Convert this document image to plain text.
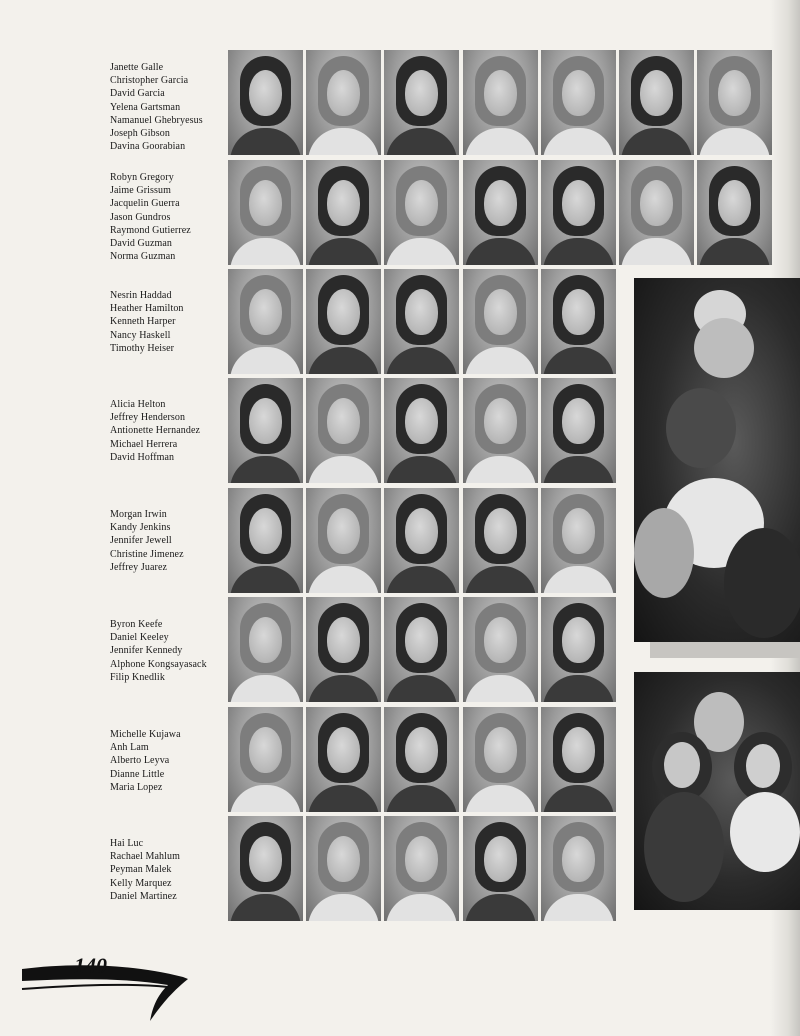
Janette Galle
Christopher Garcia
David Garcia
Yelena Gartsman
Namanuel Ghebryesus
Joseph Gibson
Davina Goorabian
Robyn Gregory
Jaime Grissum
Jacquelin Guerra
Jason Gundros
Raymond Gutierrez
David Guzman
Norma Guzman
Nesrin Haddad
Heather Hamilton
Kenneth Harper
Nancy Haskell
Timothy Heiser
Alicia Helton
Jeffrey Henderson
Antionette Hernandez
Michael Herrera
David Hoffman
Morgan Irwin
Kandy Jenkins
Jennifer Jewell
Christine Jimenez
Jeffrey Juarez
Byron Keefe
Daniel Keeley
Jennifer Kennedy
Alphone Kongsayasack
Filip Knedlik
Michelle Kujawa
Anh Lam
Alberto Leyva
Dianne Little
Maria Lopez
Hai Luc
Rachael Mahlum
Peyman Malek
Kelly Marquez
Daniel Martinez
140
